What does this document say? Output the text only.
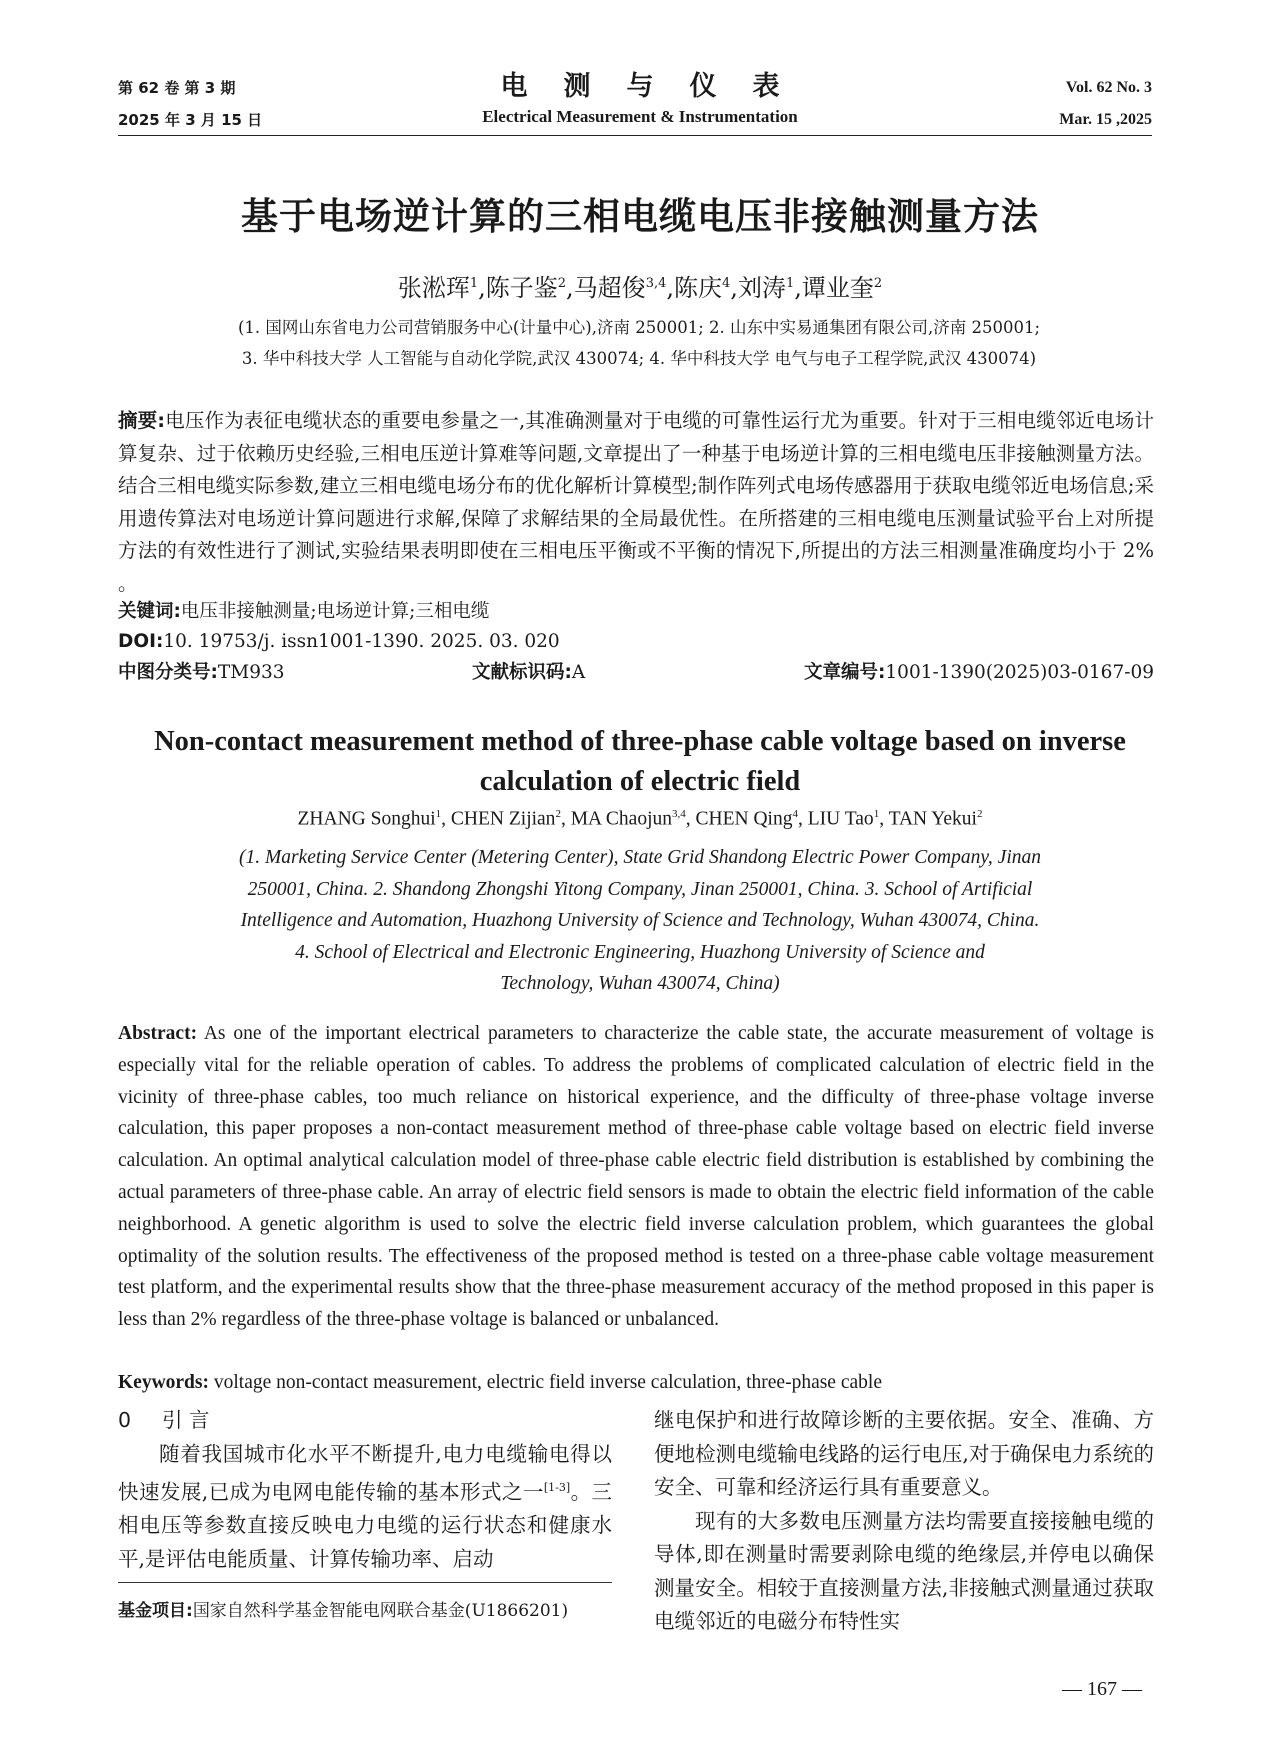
第 62 卷 第 3 期
2025 年 3 月 15 日
电测与仪表
Electrical Measurement & Instrumentation
Vol. 62 No. 3
Mar. 15 ,2025
基于电场逆计算的三相电缆电压非接触测量方法
张淞珲$^1$,陈子鉴$^2$,马超俊$^{3,4}$,陈庆$^4$,刘涛$^1$,谭业奎$^2$
(1. 国网山东省电力公司营销服务中心(计量中心),济南 250001; 2. 山东中实易通集团有限公司,济南 250001;
3. 华中科技大学 人工智能与自动化学院,武汉 430074; 4. 华中科技大学 电气与电子工程学院,武汉 430074)
摘要:电压作为表征电缆状态的重要电参量之一,其准确测量对于电缆的可靠性运行尤为重要。针对于三相电缆邻近电场计算复杂、过于依赖历史经验,三相电压逆计算难等问题,文章提出了一种基于电场逆计算的三相电缆电压非接触测量方法。结合三相电缆实际参数,建立三相电缆电场分布的优化解析计算模型;制作阵列式电场传感器用于获取电缆邻近电场信息;采用遗传算法对电场逆计算问题进行求解,保障了求解结果的全局最优性。在所搭建的三相电缆电压测量试验平台上对所提方法的有效性进行了测试,实验结果表明即使在三相电压平衡或不平衡的情况下,所提出的方法三相测量准确度均小于 2% 。
关键词:电压非接触测量;电场逆计算;三相电缆
DOI:10. 19753/j. issn1001-1390. 2025. 03. 020
中图分类号:TM933	文献标识码:A	文章编号:1001-1390(2025)03-0167-09
Non-contact measurement method of three-phase cable voltage based on inverse calculation of electric field
ZHANG Songhui$^1$, CHEN Zijian$^2$, MA Chaojun$^{3,4}$, CHEN Qing$^4$, LIU Tao$^1$, TAN Yekui$^2$
(1. Marketing Service Center (Metering Center), State Grid Shandong Electric Power Company, Jinan
250001, China. 2. Shandong Zhongshi Yitong Company, Jinan 250001, China. 3. School of Artificial
Intelligence and Automation, Huazhong University of Science and Technology, Wuhan 430074, China.
4. School of Electrical and Electronic Engineering, Huazhong University of Science and
Technology, Wuhan 430074, China)
Abstract: As one of the important electrical parameters to characterize the cable state, the accurate measurement of voltage is especially vital for the reliable operation of cables. To address the problems of complicated calculation of electric field in the vicinity of three-phase cables, too much reliance on historical experience, and the difficulty of three-phase voltage inverse calculation, this paper proposes a non-contact measurement method of three-phase cable voltage based on electric field inverse calculation. An optimal analytical calculation model of three-phase cable electric field distribution is established by combining the actual parameters of three-phase cable. An array of electric field sensors is made to obtain the electric field information of the cable neighborhood. A genetic algorithm is used to solve the electric field inverse calculation problem, which guarantees the global optimality of the solution results. The effectiveness of the proposed method is tested on a three-phase cable voltage measurement test platform, and the experimental results show that the three-phase measurement accuracy of the method proposed in this paper is less than 2% regardless of the three-phase voltage is balanced or unbalanced.
Keywords: voltage non-contact measurement, electric field inverse calculation, three-phase cable
0 引 言
随着我国城市化水平不断提升,电力电缆输电得以快速发展,已成为电网电能传输的基本形式之一[1-3]。三相电压等参数直接反映电力电缆的运行状态和健康水平,是评估电能质量、计算传输功率、启动
基金项目:国家自然科学基金智能电网联合基金(U1866201)
继电保护和进行故障诊断的主要依据。安全、准确、方便地检测电缆输电线路的运行电压,对于确保电力系统的安全、可靠和经济运行具有重要意义。
现有的大多数电压测量方法均需要直接接触电缆的导体,即在测量时需要剥除电缆的绝缘层,并停电以确保测量安全。相较于直接测量方法,非接触式测量通过获取电缆邻近的电磁分布特性实
— 167 —
